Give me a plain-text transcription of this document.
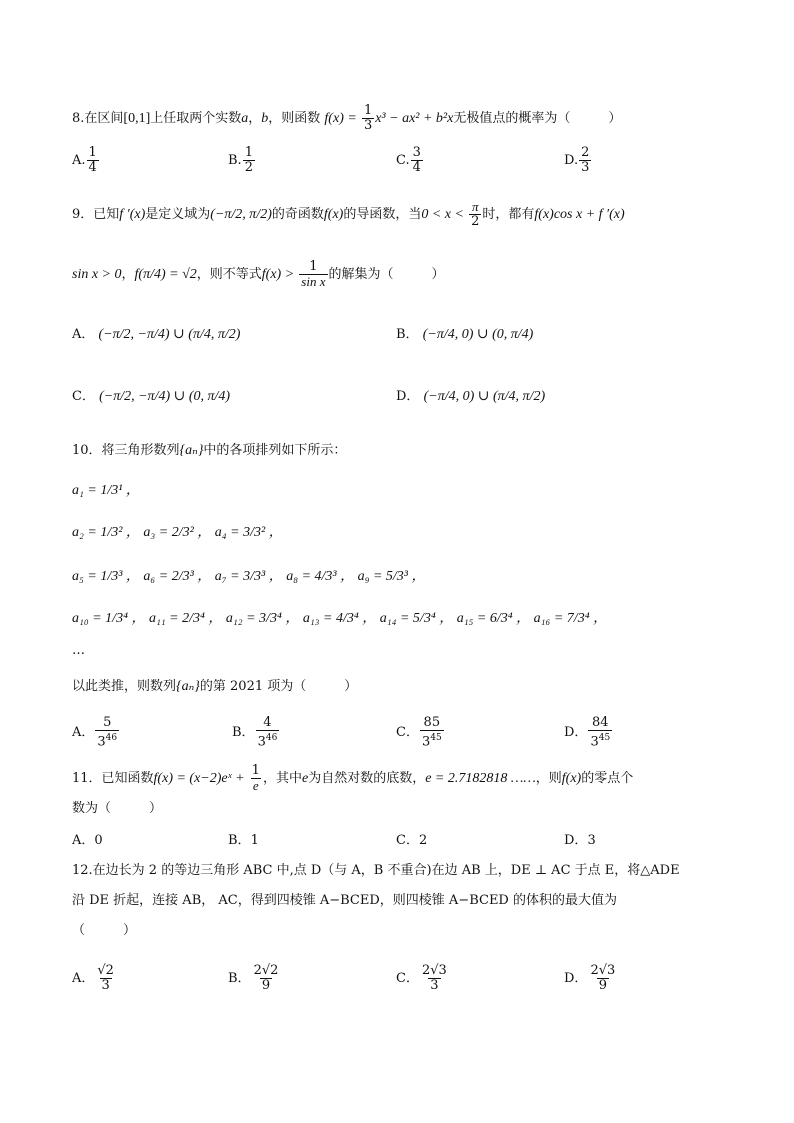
8.在区间[0,1]上任取两个实数a，b，则函数 $f(x) = \frac{1}{3} x^3 - ax^2 + b^2x$无极值点的概率为（	）
A. $\frac{1}{4}$	B. $\frac{1}{2}$	C. $\frac{3}{4}$	D. $\frac{2}{3}$
9．已知f ′(x)是定义域为(−π/2, π/2)的奇函数f(x)的导函数，当$0 < x < \frac{\pi}{2}$ 时，都有f(x)cos x + f ′(x)
sin x > 0，f(π/4) = √2，则不等式$f(x) > \frac{1}{\text{sin x}}$ 的解集为（	）
A． (−π/2, −π/4) ∪ (π/4, π/2)	B． (−π/4, 0) ∪ (0, π/4)
C． (−π/2, −π/4) ∪ (0, π/4)	D． (−π/4, 0) ∪ (π/4, π/2)
10．将三角形数列{aₙ}中的各项排列如下所示：
a₁ = 1/3¹ ，
a₂ = 1/3² ， a₃ = 2/3² ， a₄ = 3/3² ，
a₅ = 1/3³ ， a₆ = 2/3³ ， a₇ = 3/3³ ， a₈ = 4/3³ ， a₉ = 5/3³ ，
a₁₀ = 1/3⁴ ， a₁₁ = 2/3⁴ ， a₁₂ = 3/3⁴ ， a₁₃ = 4/3⁴ ， a₁₄ = 5/3⁴ ， a₁₅ = 6/3⁴ ， a₁₆ = 7/3⁴ ，
…
以此类推，则数列{aₙ}的第 2021 项为（	）
A． $\frac{5}{3^{46}}$	B． $\frac{4}{3^{46}}$	C． $\frac{85}{3^{45}}$	D． $\frac{84}{3^{45}}$
11．已知函数f(x) = (x−2)eˣ + $\frac{1}{e}$ ，其中e为自然对数的底数，e = 2.7182818 ……，则f(x)的零点个
数为（	）
A．0	B．1	C．2	D．3
12.在边长为 2 的等边三角形 ABC 中,点 D（与 A，B 不重合)在边 AB 上，DE ⊥ AC 于点 E，将△ADE
沿 DE 折起，连接 AB， AC，得到四棱锥 A−BCED，则四棱锥 A−BCED 的体积的最大值为
（	）
A． $\frac{√2}{3}$	B． $\frac{2√2}{9}$	C． $\frac{2√3}{3}$	D． $\frac{2√3}{9}$
